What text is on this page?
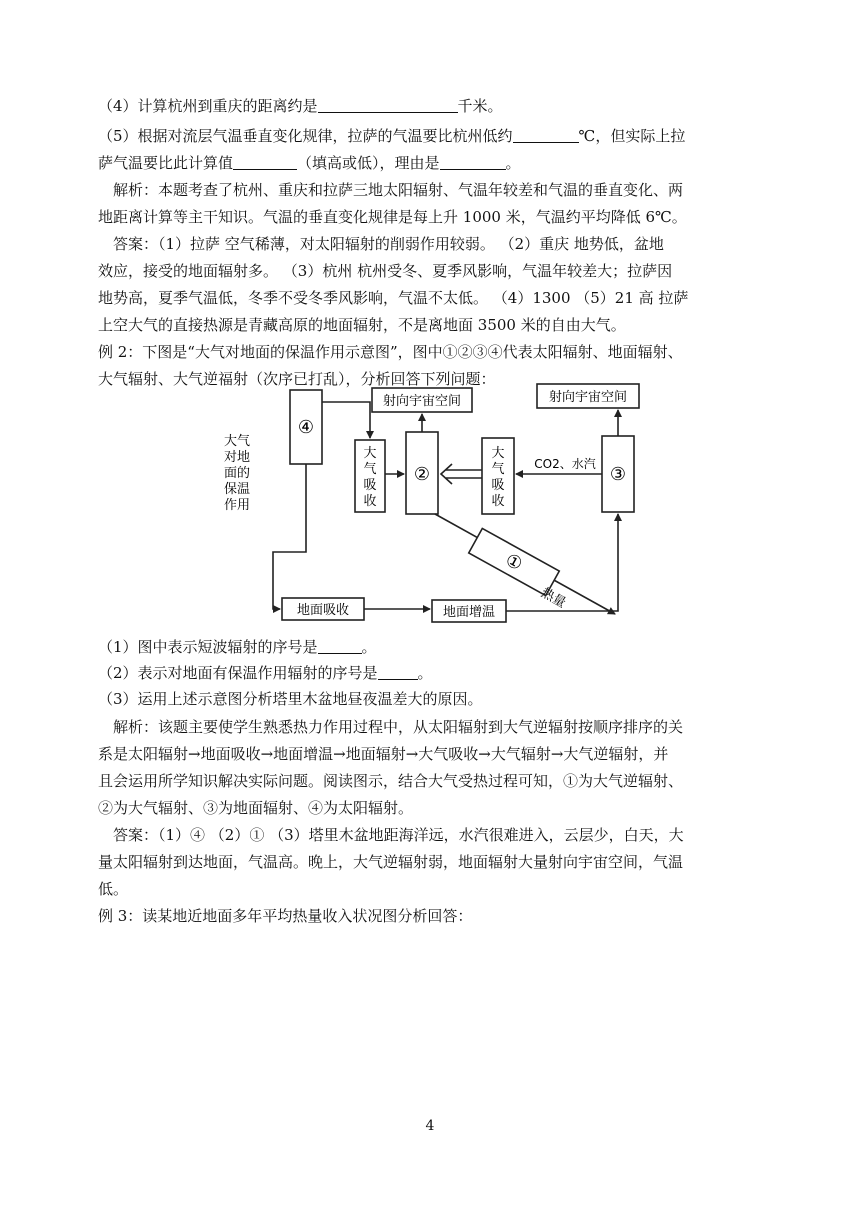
（4）计算杭州到重庆的距离约是	千米。
（5）根据对流层气温垂直变化规律，拉萨的气温要比杭州低约	℃，但实际上拉
萨气温要比此计算值	（填高或低），理由是	。
　解析：本题考查了杭州、重庆和拉萨三地太阳辐射、气温年较差和气温的垂直变化、两
地距离计算等主干知识。气温的垂直变化规律是每上升 1000 米，气温约平均降低 6℃。
　答案：（1）拉萨 空气稀薄，对太阳辐射的削弱作用较弱。 （2）重庆 地势低，盆地
效应，接受的地面辐射多。 （3）杭州 杭州受冬、夏季风影响，气温年较差大；拉萨因
地势高，夏季气温低，冬季不受冬季风影响，气温不太低。 （4）1300 （5）21 高 拉萨
上空大气的直接热源是青藏高原的地面辐射，不是离地面 3500 米的自由大气。
例 2：下图是“大气对地面的保温作用示意图”，图中①②③④代表太阳辐射、地面辐射、
大气辐射、大气逆福射（次序已打乱），分析回答下列问题：
①
射向宇宙空间	射向宇宙空间
④
②	③
CO2、水汽
大
气
吸
收
大
气
吸
收
大气
对地
面的
保温
作用
地面吸收	地面增温
热量
（1）图中表示短波辐射的序号是	。
（2）表示对地面有保温作用辐射的序号是	。
（3）运用上述示意图分析塔里木盆地昼夜温差大的原因。
　解析：该题主要使学生熟悉热力作用过程中，从太阳辐射到大气逆辐射按顺序排序的关
系是太阳辐射→地面吸收→地面增温→地面辐射→大气吸收→大气辐射→大气逆辐射，并
且会运用所学知识解决实际问题。阅读图示，结合大气受热过程可知，①为大气逆辐射、
②为大气辐射、③为地面辐射、④为太阳辐射。
　答案：（1）④ （2）① （3）塔里木盆地距海洋远，水汽很难进入，云层少，白天，大
量太阳辐射到达地面，气温高。晚上，大气逆辐射弱，地面辐射大量射向宇宙空间，气温
低。
例 3：读某地近地面多年平均热量收入状况图分析回答：
4
